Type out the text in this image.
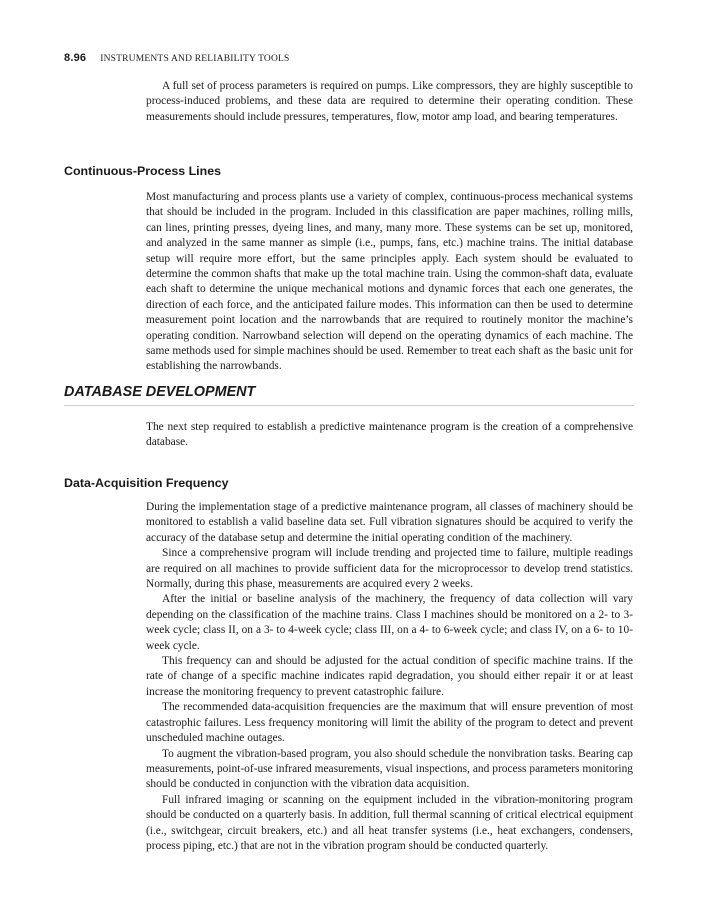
8.96 INSTRUMENTS AND RELIABILITY TOOLS

A full set of process parameters is required on pumps. Like compressors, they are highly susceptible to process-induced problems, and these data are required to determine their operating condition. These measurements should include pressures, temperatures, flow, motor amp load, and bearing temperatures.

Continuous-Process Lines

Most manufacturing and process plants use a variety of complex, continuous-process mechanical systems that should be included in the program. Included in this classification are paper machines, rolling mills, can lines, printing presses, dyeing lines, and many, many more. These systems can be set up, monitored, and analyzed in the same manner as simple (i.e., pumps, fans, etc.) machine trains. The initial database setup will require more effort, but the same principles apply. Each system should be evaluated to determine the common shafts that make up the total machine train. Using the common-shaft data, evaluate each shaft to determine the unique mechanical motions and dynamic forces that each one generates, the direction of each force, and the anticipated failure modes. This information can then be used to determine measurement point location and the narrowbands that are required to routinely monitor the machine’s operating condition. Narrowband selection will depend on the operating dynamics of each machine. The same methods used for simple machines should be used. Remember to treat each shaft as the basic unit for establishing the narrowbands.

DATABASE DEVELOPMENT

The next step required to establish a predictive maintenance program is the creation of a comprehensive database.

Data-Acquisition Frequency

During the implementation stage of a predictive maintenance program, all classes of machinery should be monitored to establish a valid baseline data set. Full vibration signatures should be acquired to verify the accuracy of the database setup and determine the initial operating condition of the machinery.

Since a comprehensive program will include trending and projected time to failure, multiple readings are required on all machines to provide sufficient data for the microprocessor to develop trend statistics. Normally, during this phase, measurements are acquired every 2 weeks.

After the initial or baseline analysis of the machinery, the frequency of data collection will vary depending on the classification of the machine trains. Class I machines should be monitored on a 2- to 3-week cycle; class II, on a 3- to 4-week cycle; class III, on a 4- to 6-week cycle; and class IV, on a 6- to 10-week cycle.

This frequency can and should be adjusted for the actual condition of specific machine trains. If the rate of change of a specific machine indicates rapid degradation, you should either repair it or at least increase the monitoring frequency to prevent catastrophic failure.

The recommended data-acquisition frequencies are the maximum that will ensure prevention of most catastrophic failures. Less frequency monitoring will limit the ability of the program to detect and prevent unscheduled machine outages.

To augment the vibration-based program, you also should schedule the nonvibration tasks. Bearing cap measurements, point-of-use infrared measurements, visual inspections, and process parameters monitoring should be conducted in conjunction with the vibration data acquisition.

Full infrared imaging or scanning on the equipment included in the vibration-monitoring program should be conducted on a quarterly basis. In addition, full thermal scanning of critical electrical equipment (i.e., switchgear, circuit breakers, etc.) and all heat transfer systems (i.e., heat exchangers, condensers, process piping, etc.) that are not in the vibration program should be conducted quarterly.
